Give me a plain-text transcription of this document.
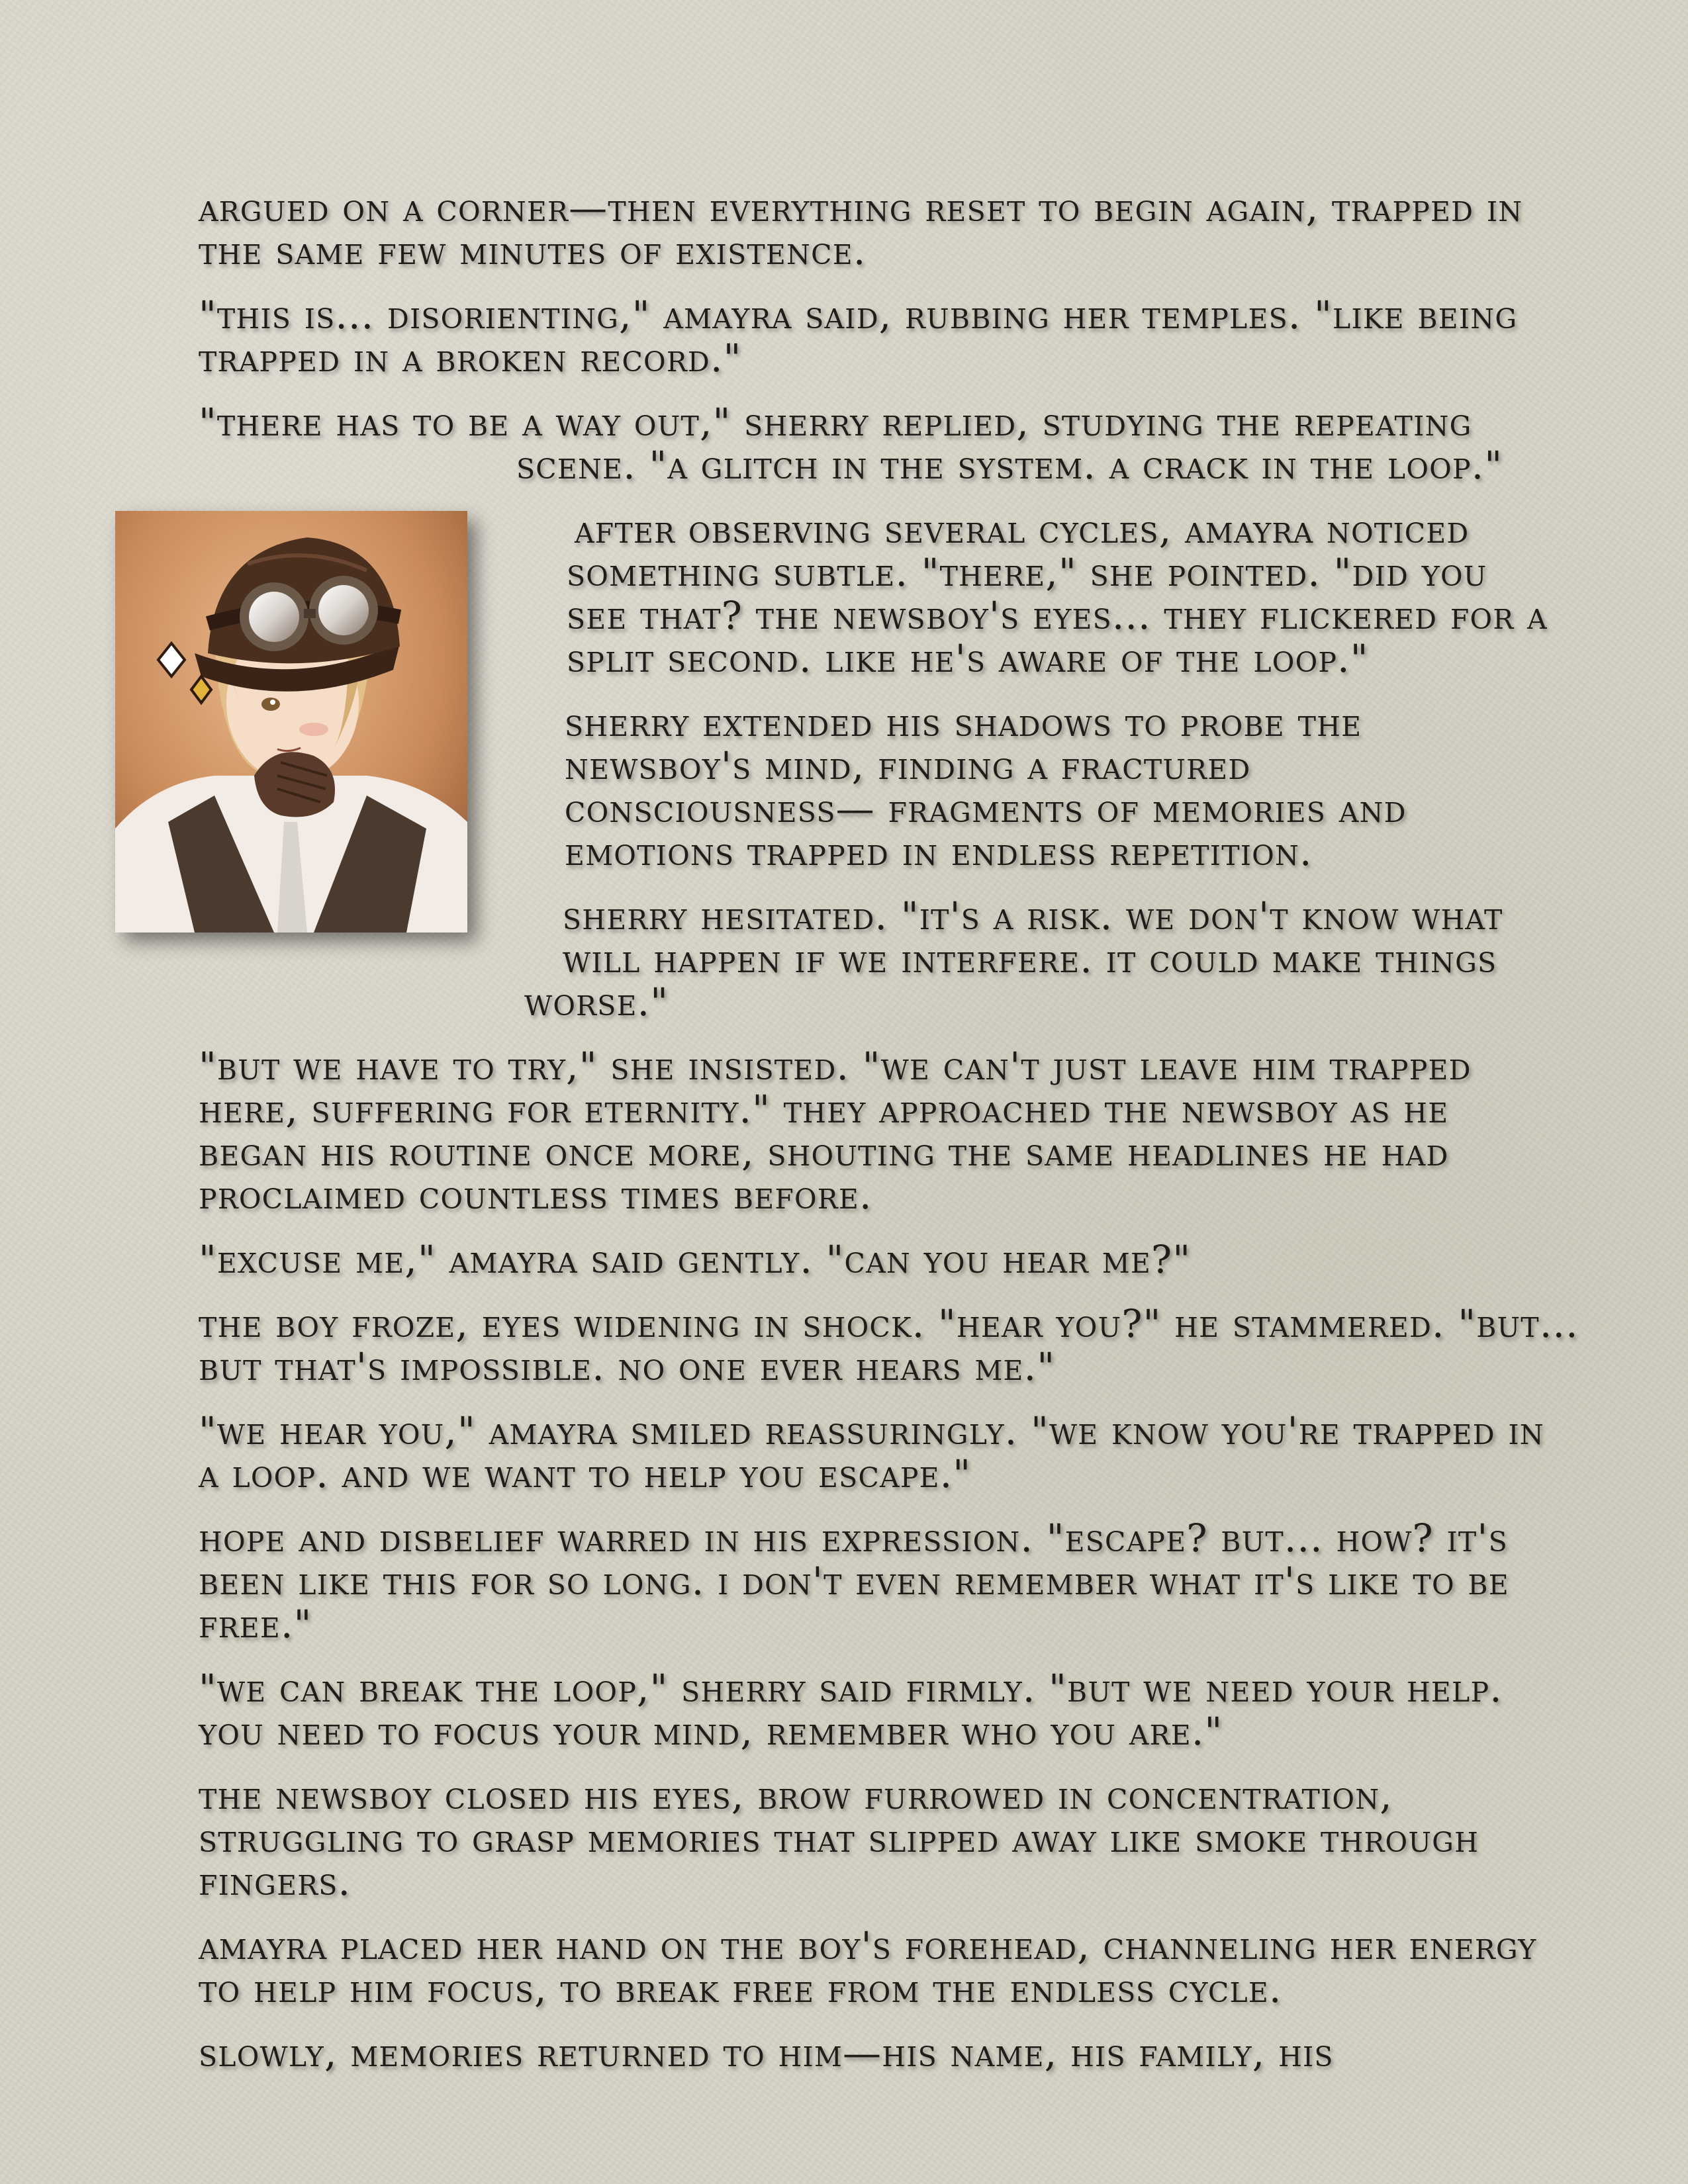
argued on a corner—then everything reset to begin again, trapped in

the same few minutes of existence.

"this is... disorienting," amayra said, rubbing her temples. "like being

trapped in a broken record."

"there has to be a way out," sherry replied, studying the repeating

scene. "a glitch in the system. a crack in the loop."

after observing several cycles, amayra noticed

something subtle. "there," she pointed. "did you

see that? the newsboy's eyes... they flickered for a

split second. like he's aware of the loop."

sherry extended his shadows to probe the

newsboy's mind, finding a fractured

consciousness— fragments of memories and

emotions trapped in endless repetition.

sherry hesitated. "it's a risk. we don't know what

will happen if we interfere. it could make things

worse."

"but we have to try," she insisted. "we can't just leave him trapped

here, suffering for eternity." they approached the newsboy as he

began his routine once more, shouting the same headlines he had

proclaimed countless times before.

"excuse me," amayra said gently. "can you hear me?"

the boy froze, eyes widening in shock. "hear you?" he stammered. "but...

but that's impossible. no one ever hears me."

"we hear you," amayra smiled reassuringly. "we know you're trapped in

a loop. and we want to help you escape."

hope and disbelief warred in his expression. "escape? but... how? it's

been like this for so long. i don't even remember what it's like to be

free."

"we can break the loop," sherry said firmly. "but we need your help.

you need to focus your mind, remember who you are."

the newsboy closed his eyes, brow furrowed in concentration,

struggling to grasp memories that slipped away like smoke through

fingers.

amayra placed her hand on the boy's forehead, channeling her energy

to help him focus, to break free from the endless cycle.

slowly, memories returned to him—his name, his family, his
